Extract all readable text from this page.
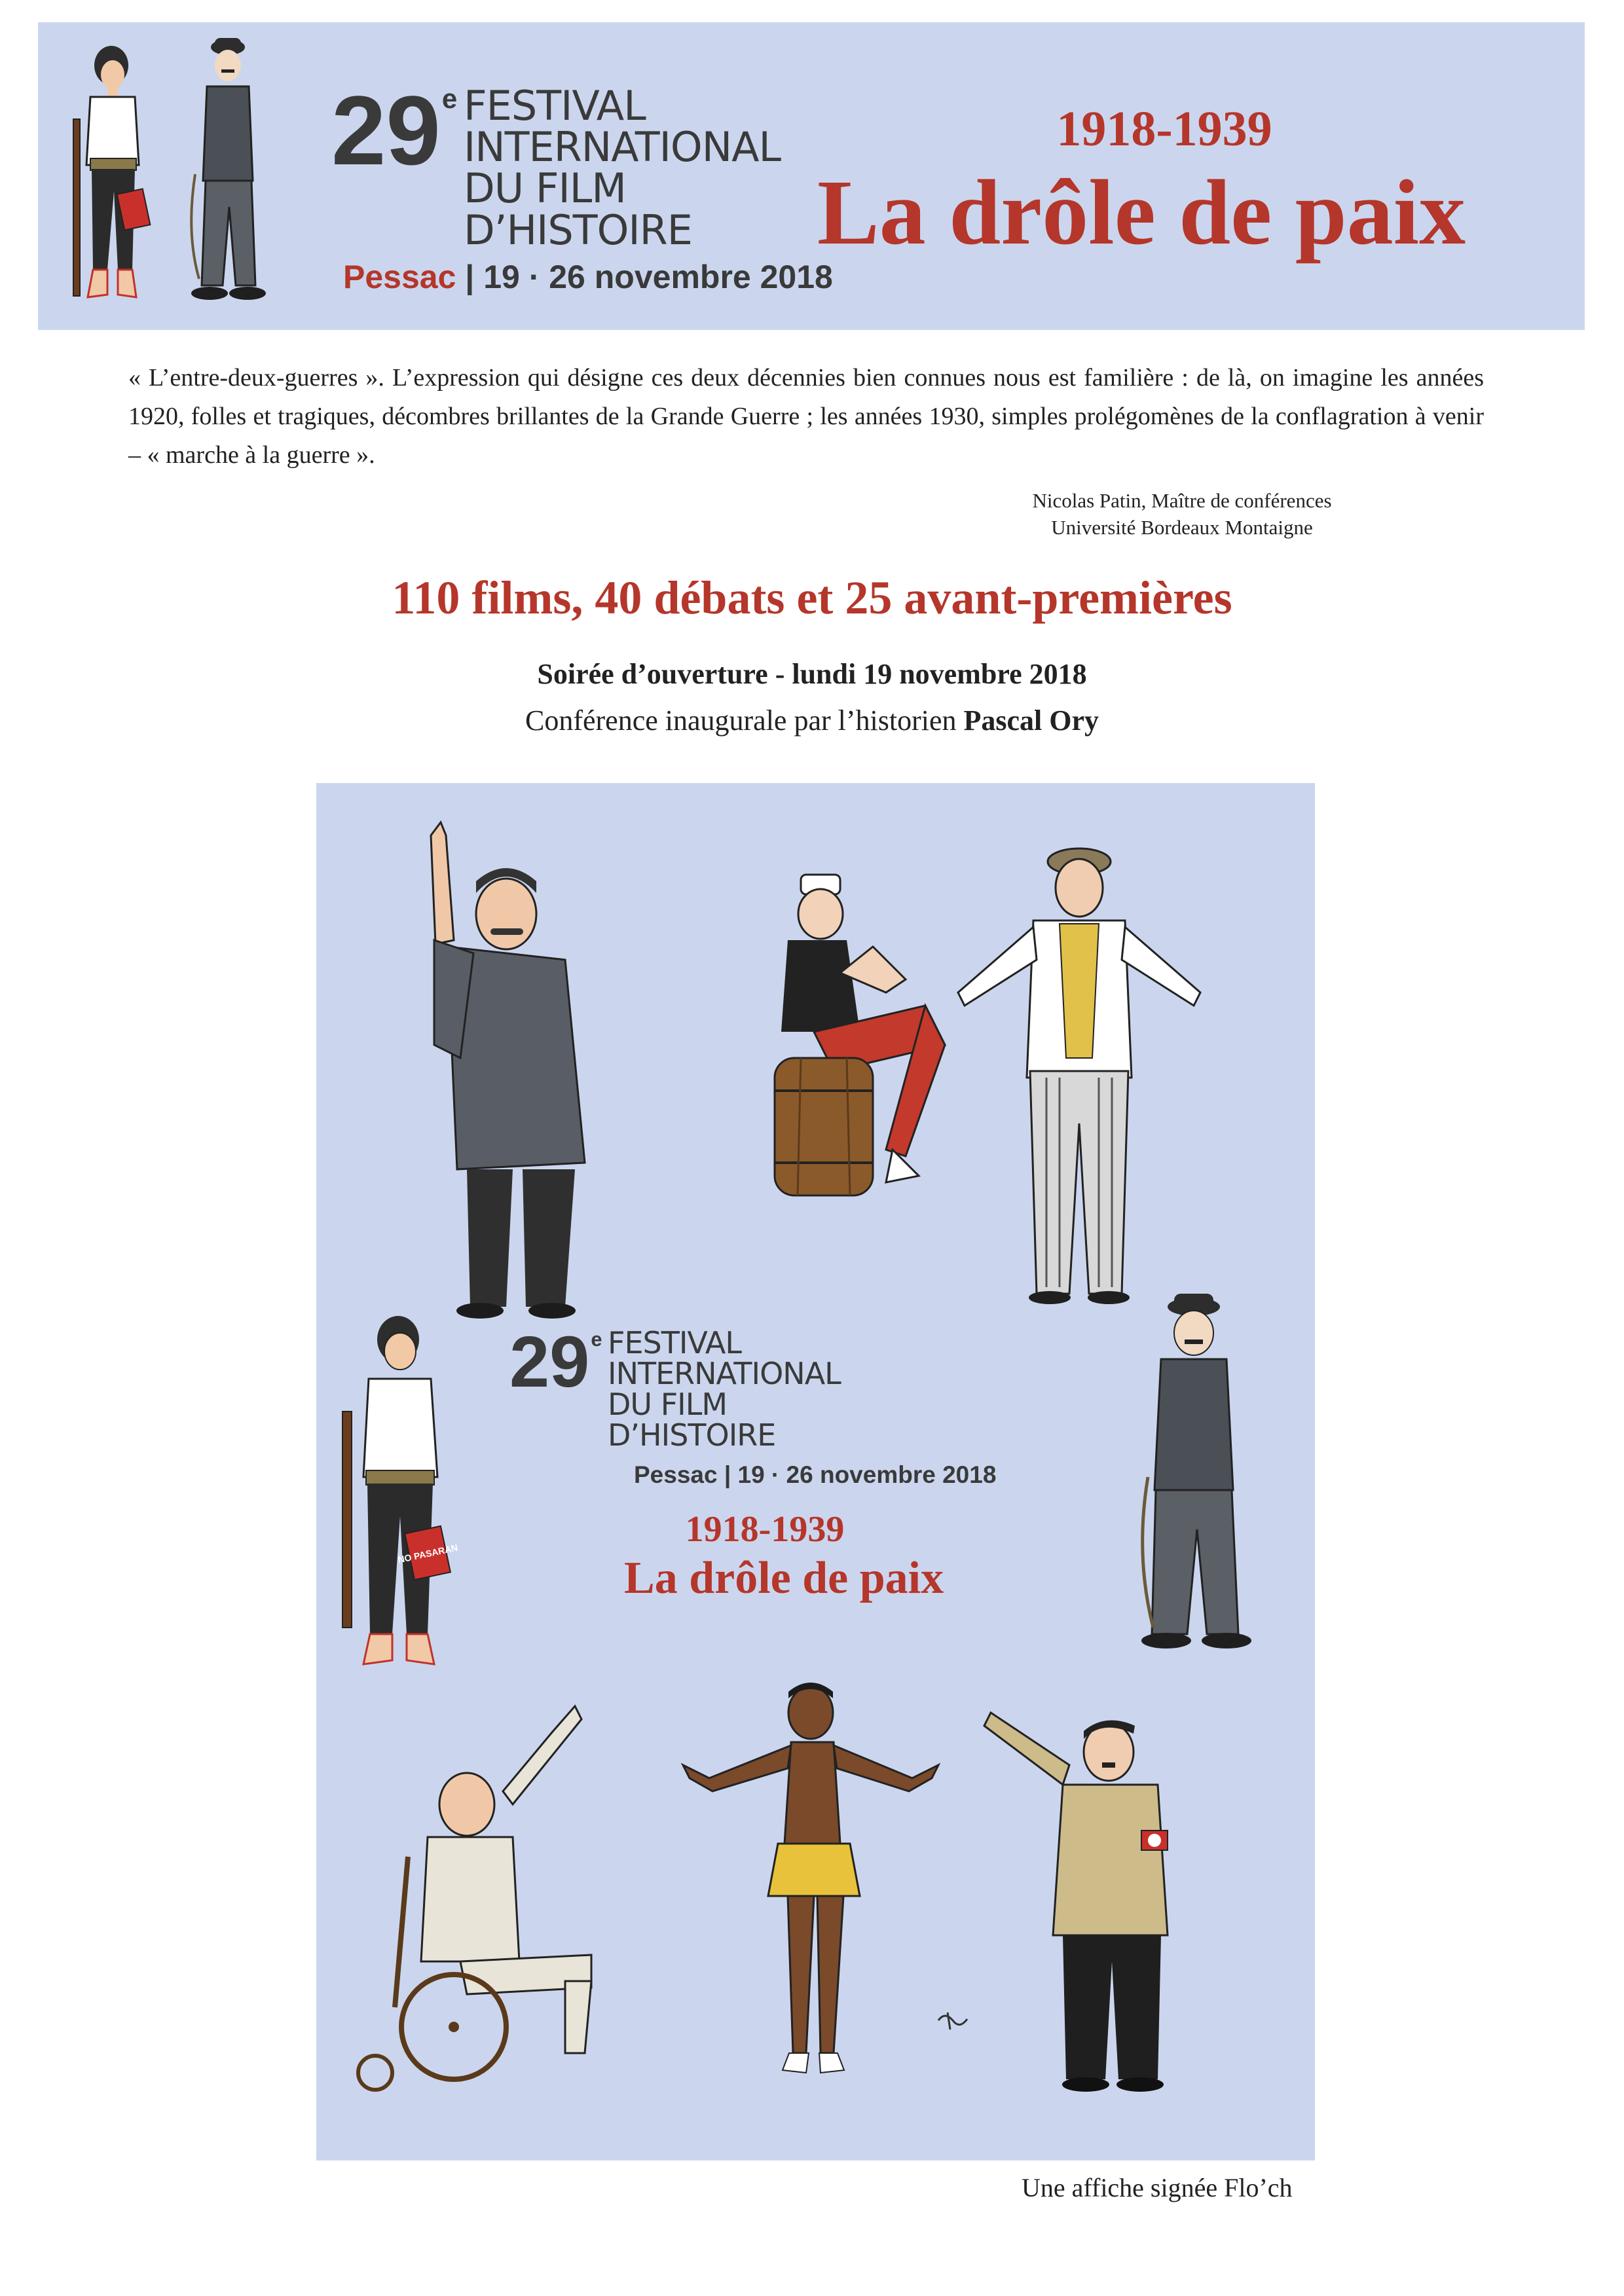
29e FESTIVAL
INTERNATIONAL
DU FILM
D’HISTOIRE
Pessac | 19 · 26 novembre 2018
1918-1939
La drôle de paix
« L’entre-deux-guerres ». L’expression qui désigne ces deux décennies bien connues nous est familière : de là, on imagine les années 1920, folles et tragiques, décombres brillantes de la Grande Guerre ; les années 1930, simples prolégomènes de la conflagration à venir – « marche à la guerre ».
Nicolas Patin, Maître de conférences
Université Bordeaux Montaigne
110 films, 40 débats et 25 avant-premières
Soirée d’ouverture - lundi 19 novembre 2018
Conférence inaugurale par l’historien Pascal Ory
NO PASARAN
29e FESTIVAL
INTERNATIONAL
DU FILM
D’HISTOIRE
Pessac | 19 · 26 novembre 2018
1918-1939
La drôle de paix
Une affiche signée Flo’ch
